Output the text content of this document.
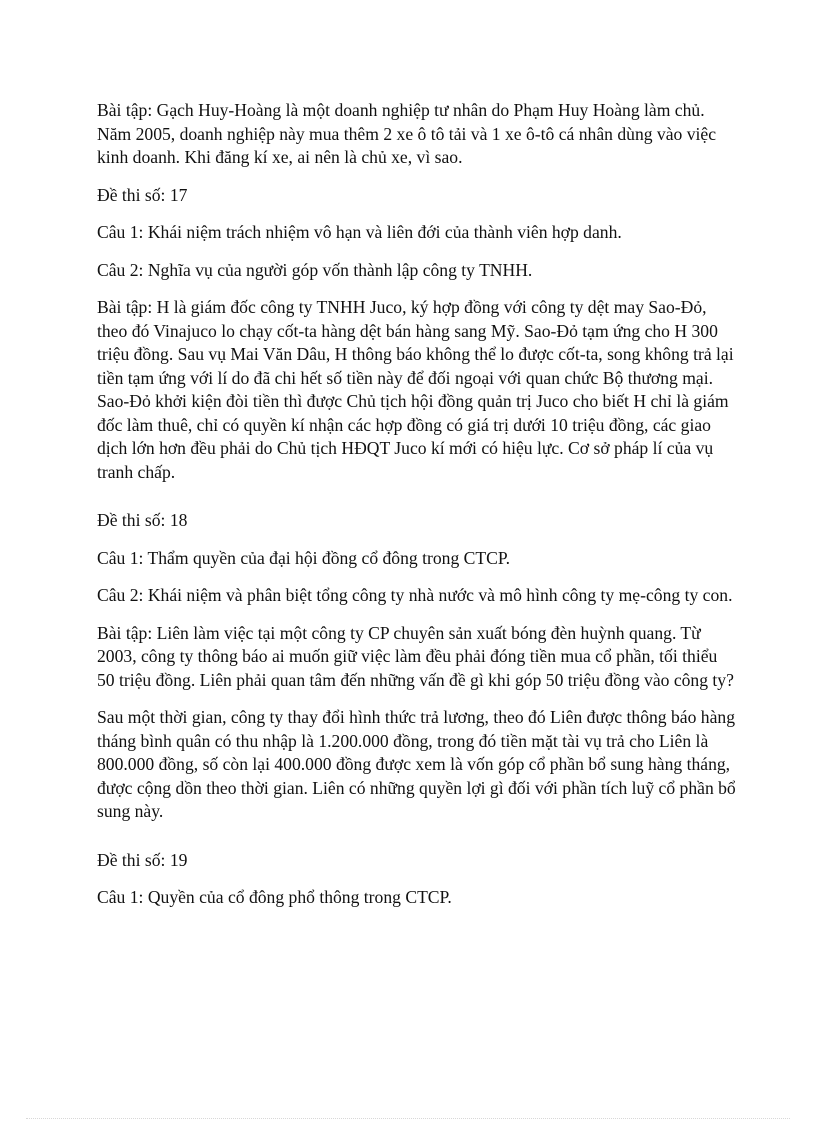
Bài tập: Gạch Huy-Hoàng là một doanh nghiệp tư nhân do Phạm Huy Hoàng làm chủ. Năm 2005, doanh nghiệp này mua thêm 2 xe ô tô tải và 1 xe ô-tô cá nhân dùng vào việc kinh doanh. Khi đăng kí xe, ai nên là chủ xe, vì sao.

Đề thi số: 17

Câu 1: Khái niệm trách nhiệm vô hạn và liên đới của thành viên hợp danh.

Câu 2: Nghĩa vụ của người góp vốn thành lập công ty TNHH.

Bài tập: H là giám đốc công ty TNHH Juco, ký hợp đồng với công ty dệt may Sao-Đỏ, theo đó Vinajuco lo chạy cốt-ta hàng dệt bán hàng sang Mỹ. Sao-Đỏ tạm ứng cho H 300 triệu đồng. Sau vụ Mai Văn Dâu, H thông báo không thể lo được cốt-ta, song không trả lại tiền tạm ứng với lí do đã chi hết số tiền này để đối ngoại với quan chức Bộ thương mại. Sao-Đỏ khởi kiện đòi tiền thì được Chủ tịch hội đồng quản trị Juco cho biết H chỉ là giám đốc làm thuê, chỉ có quyền kí nhận các hợp đồng có giá trị dưới 10 triệu đồng, các giao dịch lớn hơn đều phải do Chủ tịch HĐQT Juco kí mới có hiệu lực. Cơ sở pháp lí của vụ tranh chấp.

Đề thi số: 18

Câu 1: Thẩm quyền của đại hội đồng cổ đông trong CTCP.

Câu 2: Khái niệm và phân biệt tổng công ty nhà nước và mô hình công ty mẹ-công ty con.

Bài tập: Liên làm việc tại một công ty CP chuyên sản xuất bóng đèn huỳnh quang. Từ 2003, công ty thông báo ai muốn giữ việc làm đều phải đóng tiền mua cổ phần, tối thiểu 50 triệu đồng. Liên phải quan tâm đến những vấn đề gì khi góp 50 triệu đồng vào công ty?

Sau một thời gian, công ty thay đổi hình thức trả lương, theo đó Liên được thông báo hàng tháng bình quân có thu nhập là 1.200.000 đồng, trong đó tiền mặt tài vụ trả cho Liên là 800.000 đồng, số còn lại 400.000 đồng được xem là vốn góp cổ phần bổ sung hàng tháng, được cộng dồn theo thời gian. Liên có những quyền lợi gì đối với phần tích luỹ cổ phần bổ sung này.

Đề thi số: 19

Câu 1: Quyền của cổ đông phổ thông trong CTCP.
